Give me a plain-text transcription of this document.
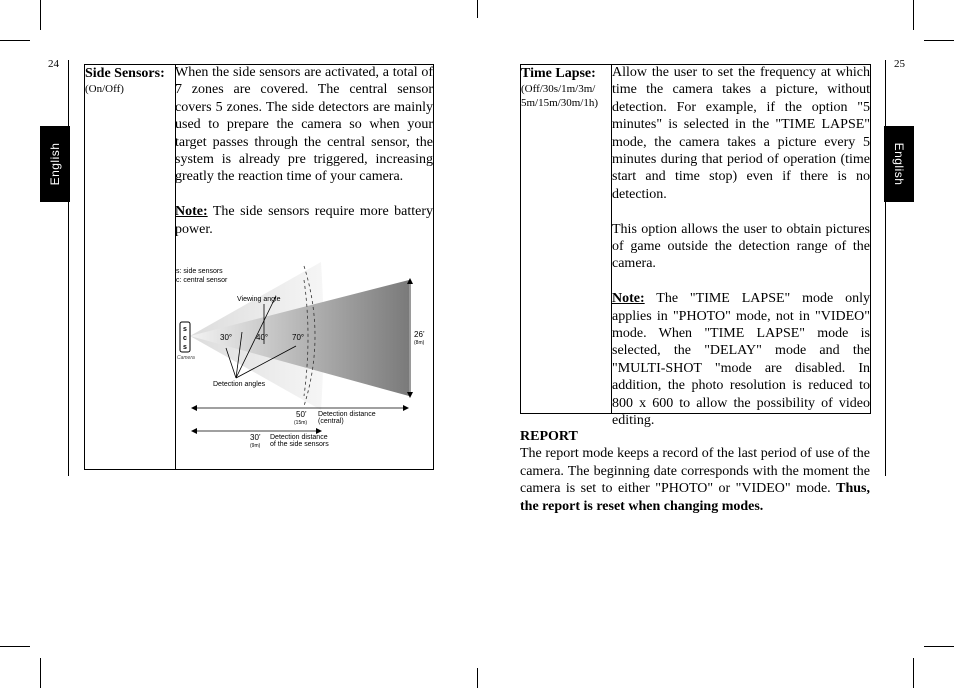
24	25
English	English
Side Sensors:
(On/Off)

When the side sensors are activated, a total of 7 zones are covered. The central sensor covers 5 zones. The side detectors are mainly used to prepare the camera so when your target passes through the central sensor, the system is already pre triggered, increasing greatly the reaction time of your camera.

Note: The side sensors require more battery power.

s
c
s
Camera
s: side sensors
c: central sensor
Viewing angle
30°	40°	70°
Detection angles
26’
(8m)
50’
(15m)
Detection distance
(central)
30’
(9m)
Detection distance
of the side sensors
Time Lapse:
(Off/30s/1m/3m/
5m/15m/30m/1h)

Allow the user to set the frequency at which time the camera takes a picture, without detection. For example, if the option "5 minutes" is selected in the "TIME LAPSE" mode, the camera takes a picture every 5 minutes during that period of operation (time start and time stop) even if there is no detection.

This option allows the user to obtain pictures of game outside the detection range of the camera.

Note: The "TIME LAPSE" mode only applies in "PHOTO" mode, not in "VIDEO" mode. When "TIME LAPSE" mode is selected, the "DELAY" mode and the "MULTI-SHOT "mode are disabled. In addition, the photo resolution is reduced to 800 x 600 to allow the possibility of video editing.

REPORT

The report mode keeps a record of the last period of use of the camera. The beginning date corresponds with the moment the camera is set to either "PHOTO" or "VIDEO" mode. Thus, the report is reset when changing modes.
